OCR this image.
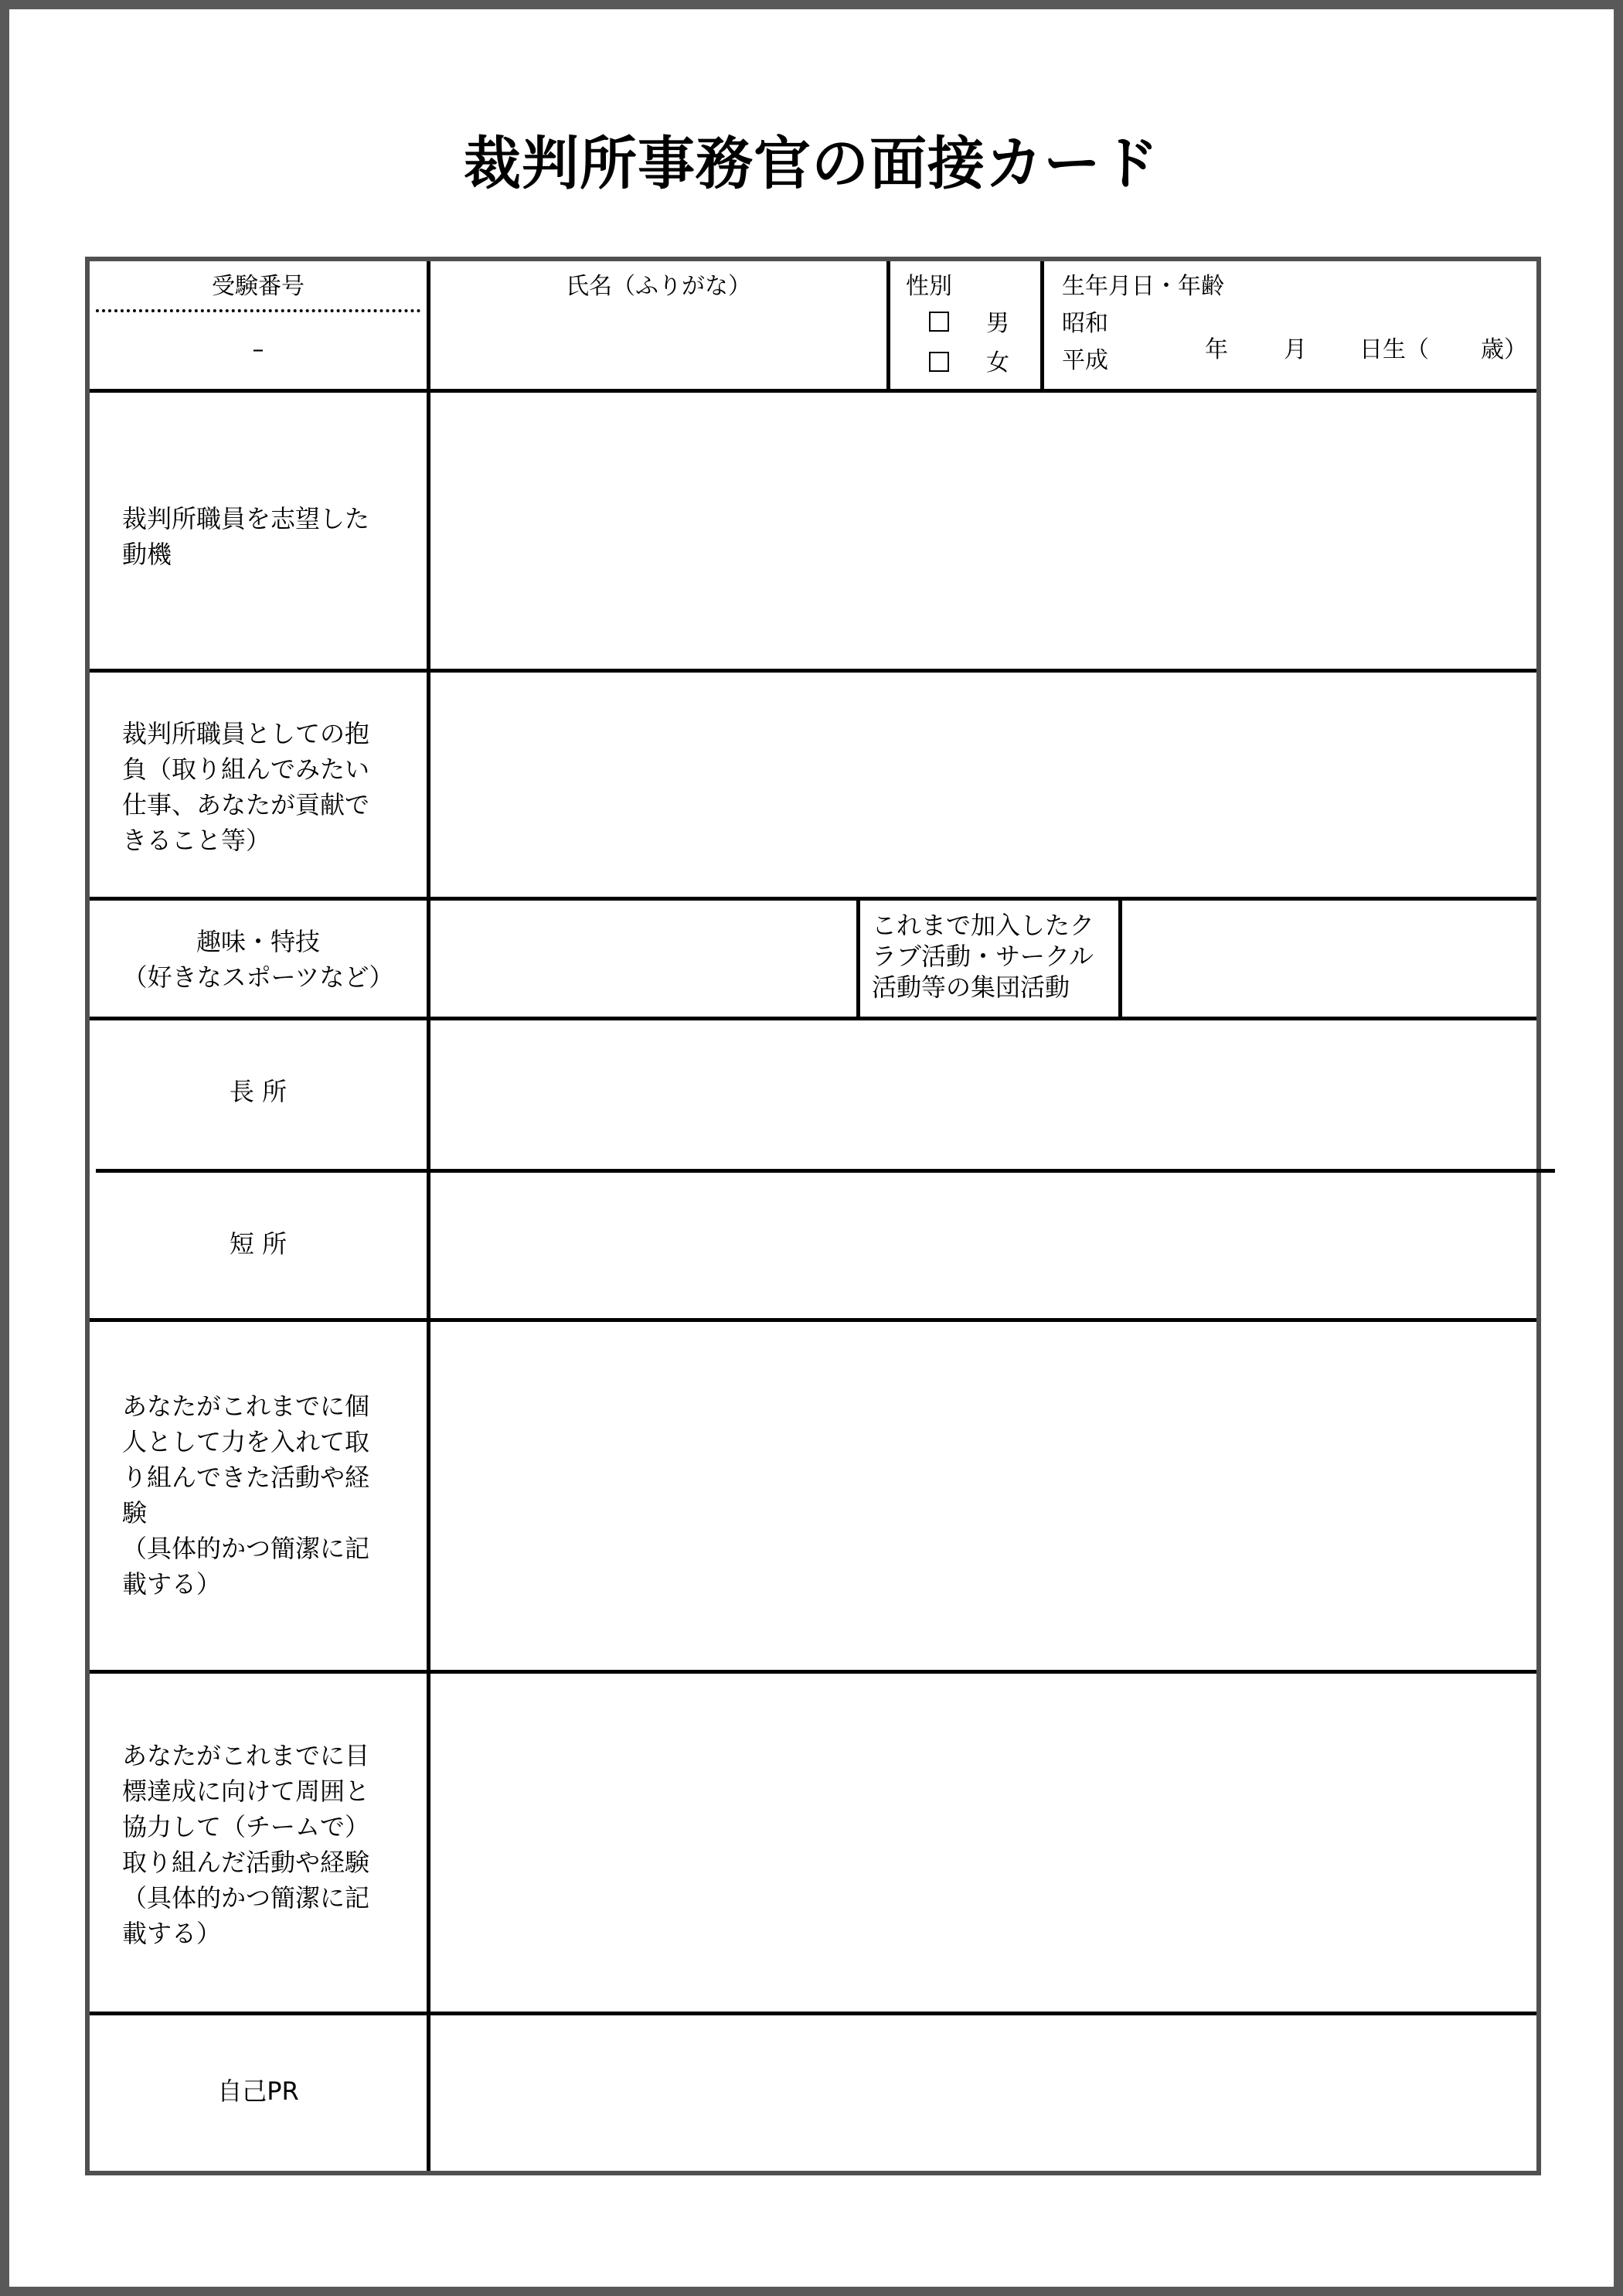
裁判所事務官の面接カード
受験番号
–
氏名（ふりがな）	性別
男
女
生年月日・年齢
昭和
平成	年 月 日生（ 歳）
裁判所職員を志望した動機
裁判所職員としての抱負（取り組んでみたい仕事、あなたが貢献できること等）
趣味・特技
（好きなスポーツなど）
これまで加入したクラブ活動・サークル活動等の集団活動
長 所
短 所
あなたがこれまでに個人として力を入れて取り組んできた活動や経験
（具体的かつ簡潔に記載する）
あなたがこれまでに目標達成に向けて周囲と協力して（チームで）取り組んだ活動や経験
（具体的かつ簡潔に記載する）
自己PR
